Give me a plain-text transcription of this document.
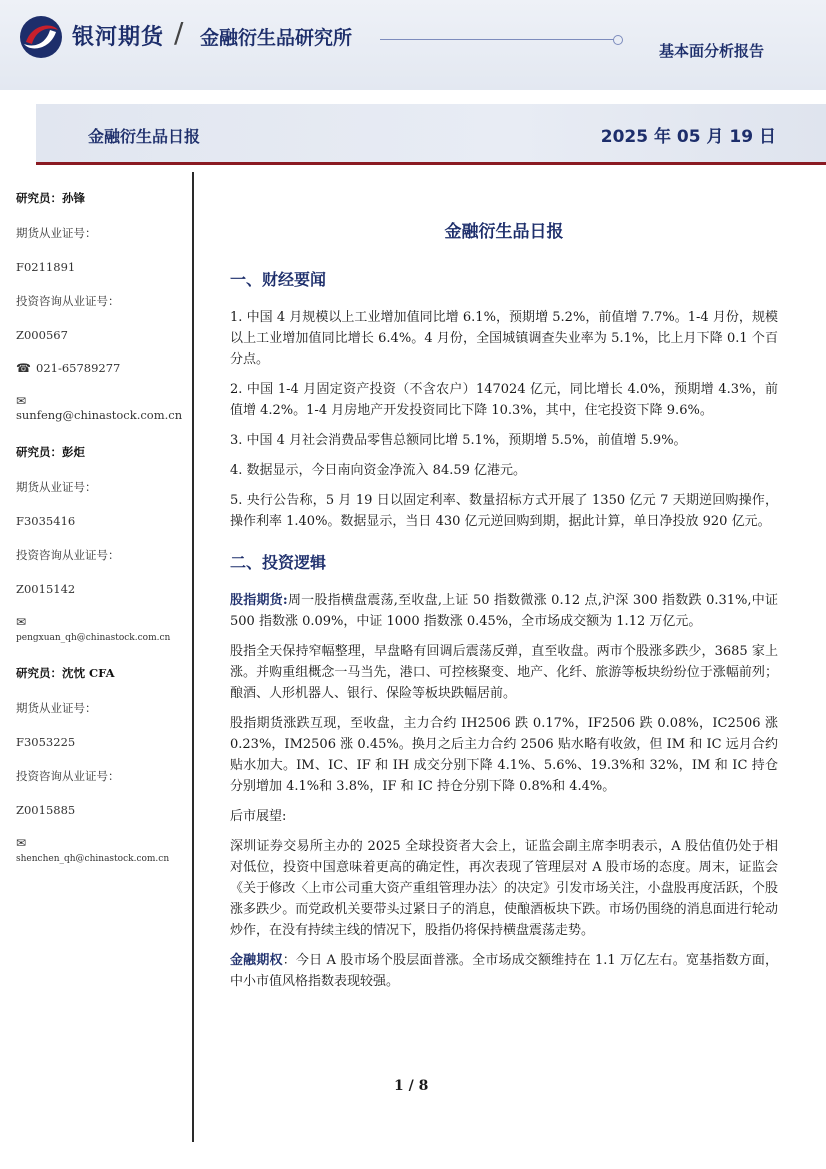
银河期货 / 金融衍生品研究所
基本面分析报告
金融衍生品日报	2025 年 05 月 19 日
研究员：孙锋
期货从业证号：
F0211891
投资咨询从业证号：
Z000567
☎ 021-65789277
✉sunfeng@chinastock.com.cn
研究员：彭炬
期货从业证号：
F3035416
投资咨询从业证号：
Z0015142
✉pengxuan_qh@chinastock.com.cn
研究员：沈忱 CFA
期货从业证号：
F3053225
投资咨询从业证号：
Z0015885
✉shenchen_qh@chinastock.com.cn
金融衍生品日报
一、财经要闻

1. 中国 4 月规模以上工业增加值同比增 6.1%，预期增 5.2%，前值增 7.7%。1-4 月份，规模以上工业增加值同比增长 6.4%。4 月份，全国城镇调查失业率为 5.1%，比上月下降 0.1 个百分点。

2. 中国 1-4 月固定资产投资（不含农户）147024 亿元，同比增长 4.0%，预期增 4.3%，前值增 4.2%。1-4 月房地产开发投资同比下降 10.3%，其中，住宅投资下降 9.6%。

3. 中国 4 月社会消费品零售总额同比增 5.1%，预期增 5.5%，前值增 5.9%。

4. 数据显示，今日南向资金净流入 84.59 亿港元。

5. 央行公告称，5 月 19 日以固定利率、数量招标方式开展了 1350 亿元 7 天期逆回购操作，操作利率 1.40%。数据显示，当日 430 亿元逆回购到期，据此计算，单日净投放 920 亿元。

二、投资逻辑

股指期货:周一股指横盘震荡,至收盘,上证 50 指数微涨 0.12 点,沪深 300 指数跌 0.31%,中证 500 指数涨 0.09%，中证 1000 指数涨 0.45%，全市场成交额为 1.12 万亿元。

股指全天保持窄幅整理，早盘略有回调后震荡反弹，直至收盘。两市个股涨多跌少，3685 家上涨。并购重组概念一马当先，港口、可控核聚变、地产、化纤、旅游等板块纷纷位于涨幅前列；酿酒、人形机器人、银行、保险等板块跌幅居前。

股指期货涨跌互现，至收盘，主力合约 IH2506 跌 0.17%，IF2506 跌 0.08%，IC2506 涨 0.23%，IM2506 涨 0.45%。换月之后主力合约 2506 贴水略有收敛，但 IM 和 IC 远月合约贴水加大。IM、IC、IF 和 IH 成交分别下降 4.1%、5.6%、19.3%和 32%，IM 和 IC 持仓分别增加 4.1%和 3.8%，IF 和 IC 持仓分别下降 0.8%和 4.4%。

后市展望:

深圳证券交易所主办的 2025 全球投资者大会上，证监会副主席李明表示，A 股估值仍处于相对低位，投资中国意味着更高的确定性，再次表现了管理层对 A 股市场的态度。周末，证监会《关于修改〈上市公司重大资产重组管理办法〉的决定》引发市场关注，小盘股再度活跃，个股涨多跌少。而党政机关要带头过紧日子的消息，使酿酒板块下跌。市场仍围绕的消息面进行轮动炒作，在没有持续主线的情况下，股指仍将保持横盘震荡走势。

金融期权：今日 A 股市场个股层面普涨。全市场成交额维持在 1.1 万亿左右。宽基指数方面，中小市值风格指数表现较强。

1 / 8
